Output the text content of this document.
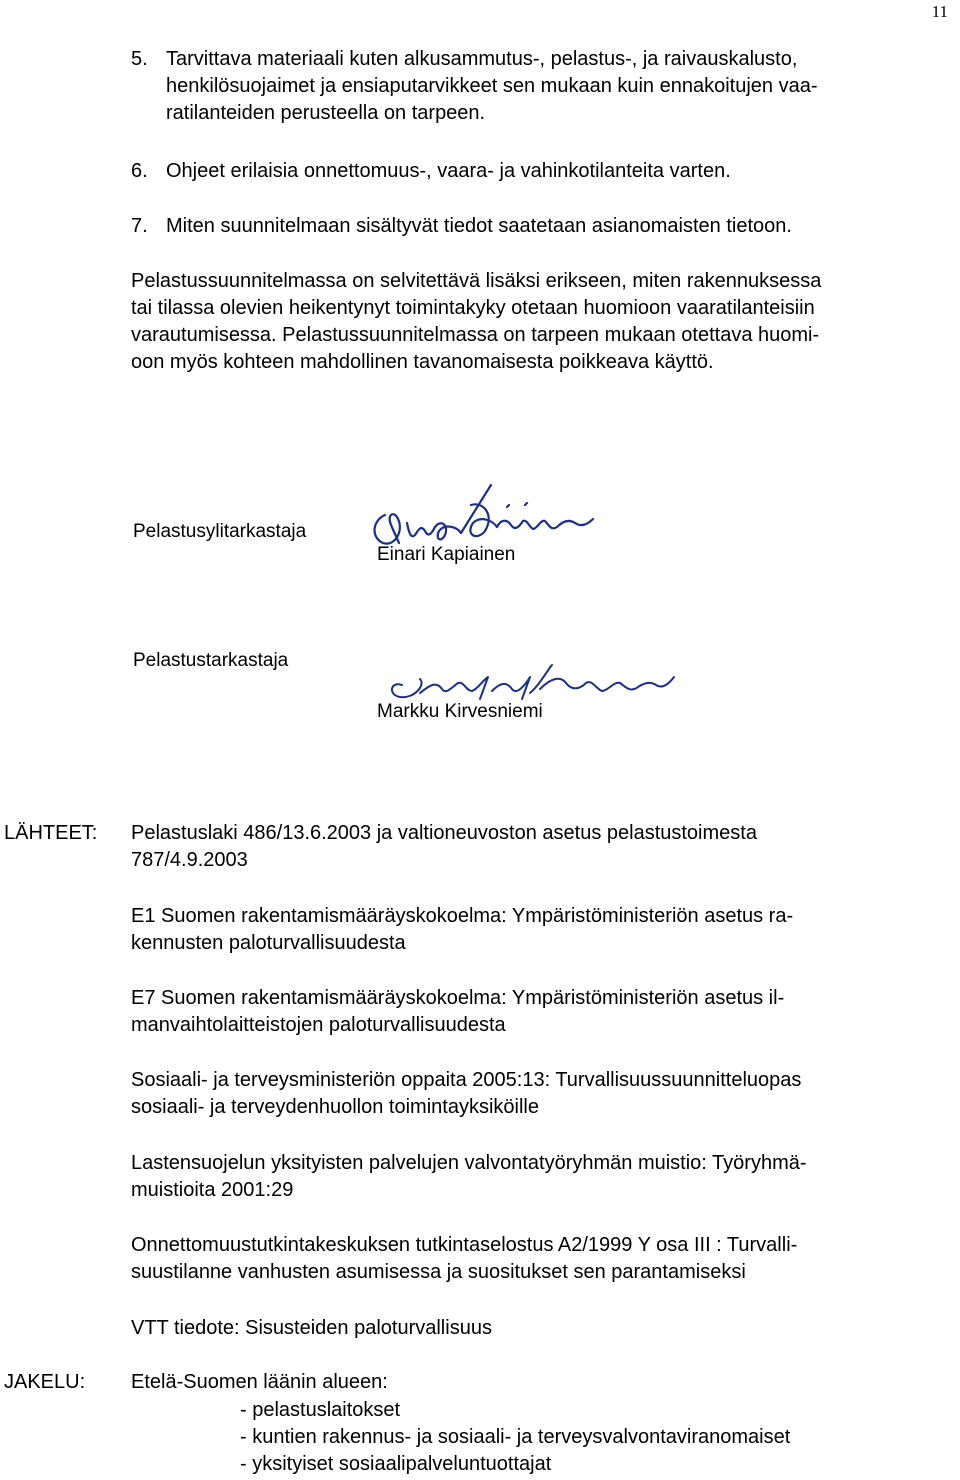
11
5. Tarvittava materiaali kuten alkusammutus-, pelastus-, ja raivauskalusto,
henkilösuojaimet ja ensiaputarvikkeet sen mukaan kuin ennakoitujen vaa-
ratilanteiden perusteella on tarpeen.
6. Ohjeet erilaisia onnettomuus-, vaara- ja vahinkotilanteita varten.
7. Miten suunnitelmaan sisältyvät tiedot saatetaan asianomaisten tietoon.
Pelastussuunnitelmassa on selvitettävä lisäksi erikseen, miten rakennuksessa
tai tilassa olevien heikentynyt toimintakyky otetaan huomioon vaaratilanteisiin
varautumisessa. Pelastussuunnitelmassa on tarpeen mukaan otettava huomi-
oon myös kohteen mahdollinen tavanomaisesta poikkeava käyttö.
Pelastusylitarkastaja
Einari Kapiainen
Pelastustarkastaja
Markku Kirvesniemi
LÄHTEET: Pelastuslaki 486/13.6.2003 ja valtioneuvoston asetus pelastustoimesta
787/4.9.2003
E1 Suomen rakentamismääräyskokoelma: Ympäristöministeriön asetus ra-
kennusten paloturvallisuudesta
E7 Suomen rakentamismääräyskokoelma: Ympäristöministeriön asetus il-
manvaihtolaitteistojen paloturvallisuudesta
Sosiaali- ja terveysministeriön oppaita 2005:13: Turvallisuussuunnitteluopas
sosiaali- ja terveydenhuollon toimintayksiköille
Lastensuojelun yksityisten palvelujen valvontatyöryhmän muistio: Työryhmä-
muistioita 2001:29
Onnettomuustutkintakeskuksen tutkintaselostus A2/1999 Y osa III : Turvalli-
suustilanne vanhusten asumisessa ja suositukset sen parantamiseksi
VTT tiedote: Sisusteiden paloturvallisuus
JAKELU: Etelä-Suomen läänin alueen:
- pelastuslaitokset
- kuntien rakennus- ja sosiaali- ja terveysvalvontaviranomaiset
- yksityiset sosiaalipalveluntuottajat
